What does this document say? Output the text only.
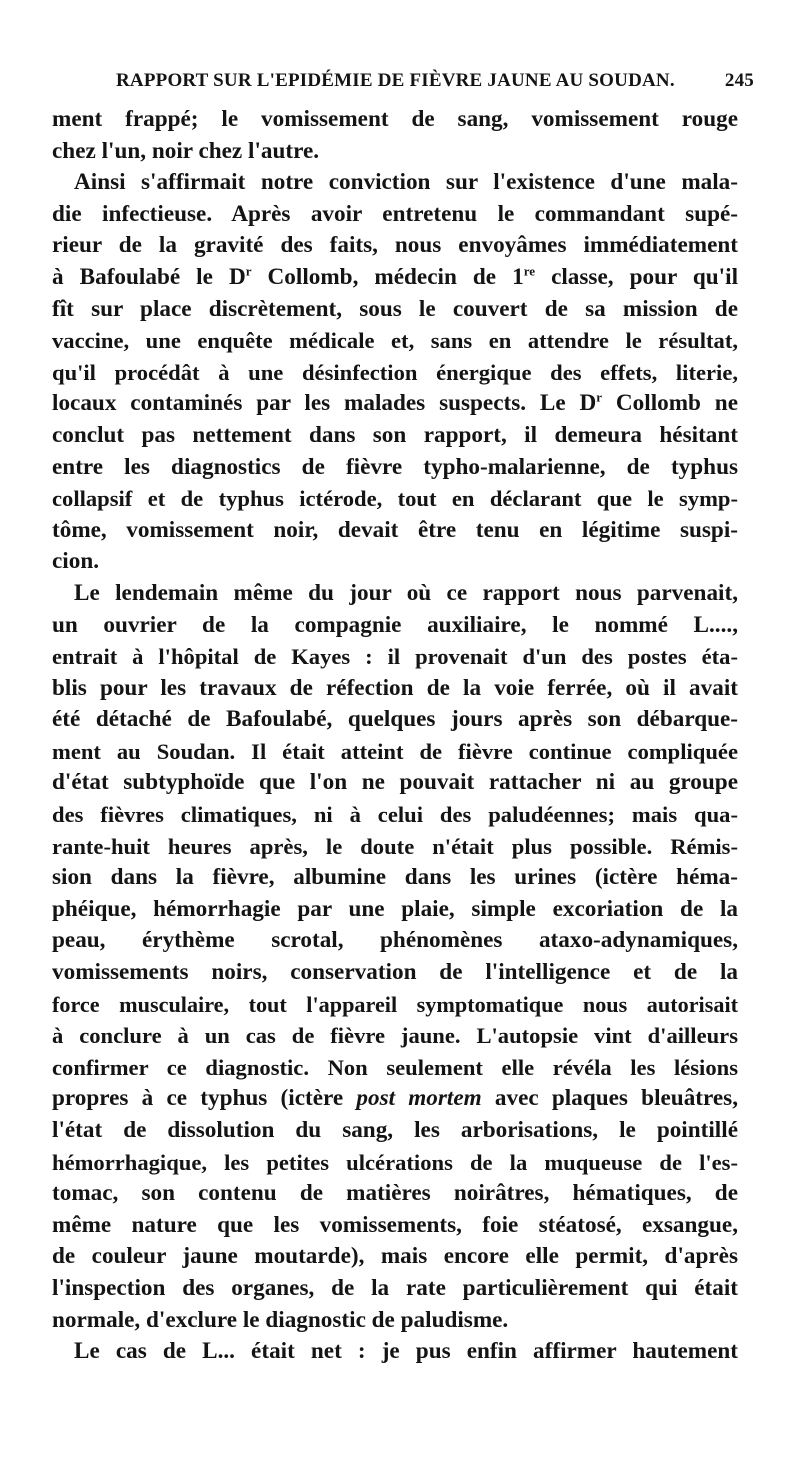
RAPPORT SUR L'EPIDÉMIE DE FIÈVRE JAUNE AU SOUDAN.	245
ment frappé; le vomissement de sang, vomissement rouge
chez l'un, noir chez l'autre.
Ainsi s'affirmait notre conviction sur l'existence d'une mala-
die infectieuse. Après avoir entretenu le commandant supé-
rieur de la gravité des faits, nous envoyâmes immédiatement
à Bafoulabé le $D^r$ Collomb, médecin de 1re classe, pour qu'il
fît sur place discrètement, sous le couvert de sa mission de
vaccine, une enquête médicale et, sans en attendre le résultat,
qu'il procédât à une désinfection énergique des effets, literie,
locaux contaminés par les malades suspects. Le $D^r$ Collomb ne
conclut pas nettement dans son rapport, il demeura hésitant
entre les diagnostics de fièvre typho-malarienne, de typhus
collapsif et de typhus ictérode, tout en déclarant que le symp-
tôme, vomissement noir, devait être tenu en légitime suspi-
cion.
Le lendemain même du jour où ce rapport nous parvenait,
un ouvrier de la compagnie auxiliaire, le nommé L....,
entrait à l'hôpital de Kayes : il provenait d'un des postes éta-
blis pour les travaux de réfection de la voie ferrée, où il avait
été détaché de Bafoulabé, quelques jours après son débarque-
ment au Soudan. Il était atteint de fièvre continue compliquée
d'état subtyphoïde que l'on ne pouvait rattacher ni au groupe
des fièvres climatiques, ni à celui des paludéennes; mais qua-
rante-huit heures après, le doute n'était plus possible. Rémis-
sion dans la fièvre, albumine dans les urines (ictère héma-
phéique, hémorrhagie par une plaie, simple excoriation de la
peau, érythème scrotal, phénomènes ataxo-adynamiques,
vomissements noirs, conservation de l'intelligence et de la
force musculaire, tout l'appareil symptomatique nous autorisait
à conclure à un cas de fièvre jaune. L'autopsie vint d'ailleurs
confirmer ce diagnostic. Non seulement elle révéla les lésions
propres à ce typhus (ictère post mortem avec plaques bleuâtres,
l'état de dissolution du sang, les arborisations, le pointillé
hémorrhagique, les petites ulcérations de la muqueuse de l'es-
tomac, son contenu de matières noirâtres, hématiques, de
même nature que les vomissements, foie stéatosé, exsangue,
de couleur jaune moutarde), mais encore elle permit, d'après
l'inspection des organes, de la rate particulièrement qui était
normale, d'exclure le diagnostic de paludisme.
Le cas de L... était net : je pus enfin affirmer hautement
